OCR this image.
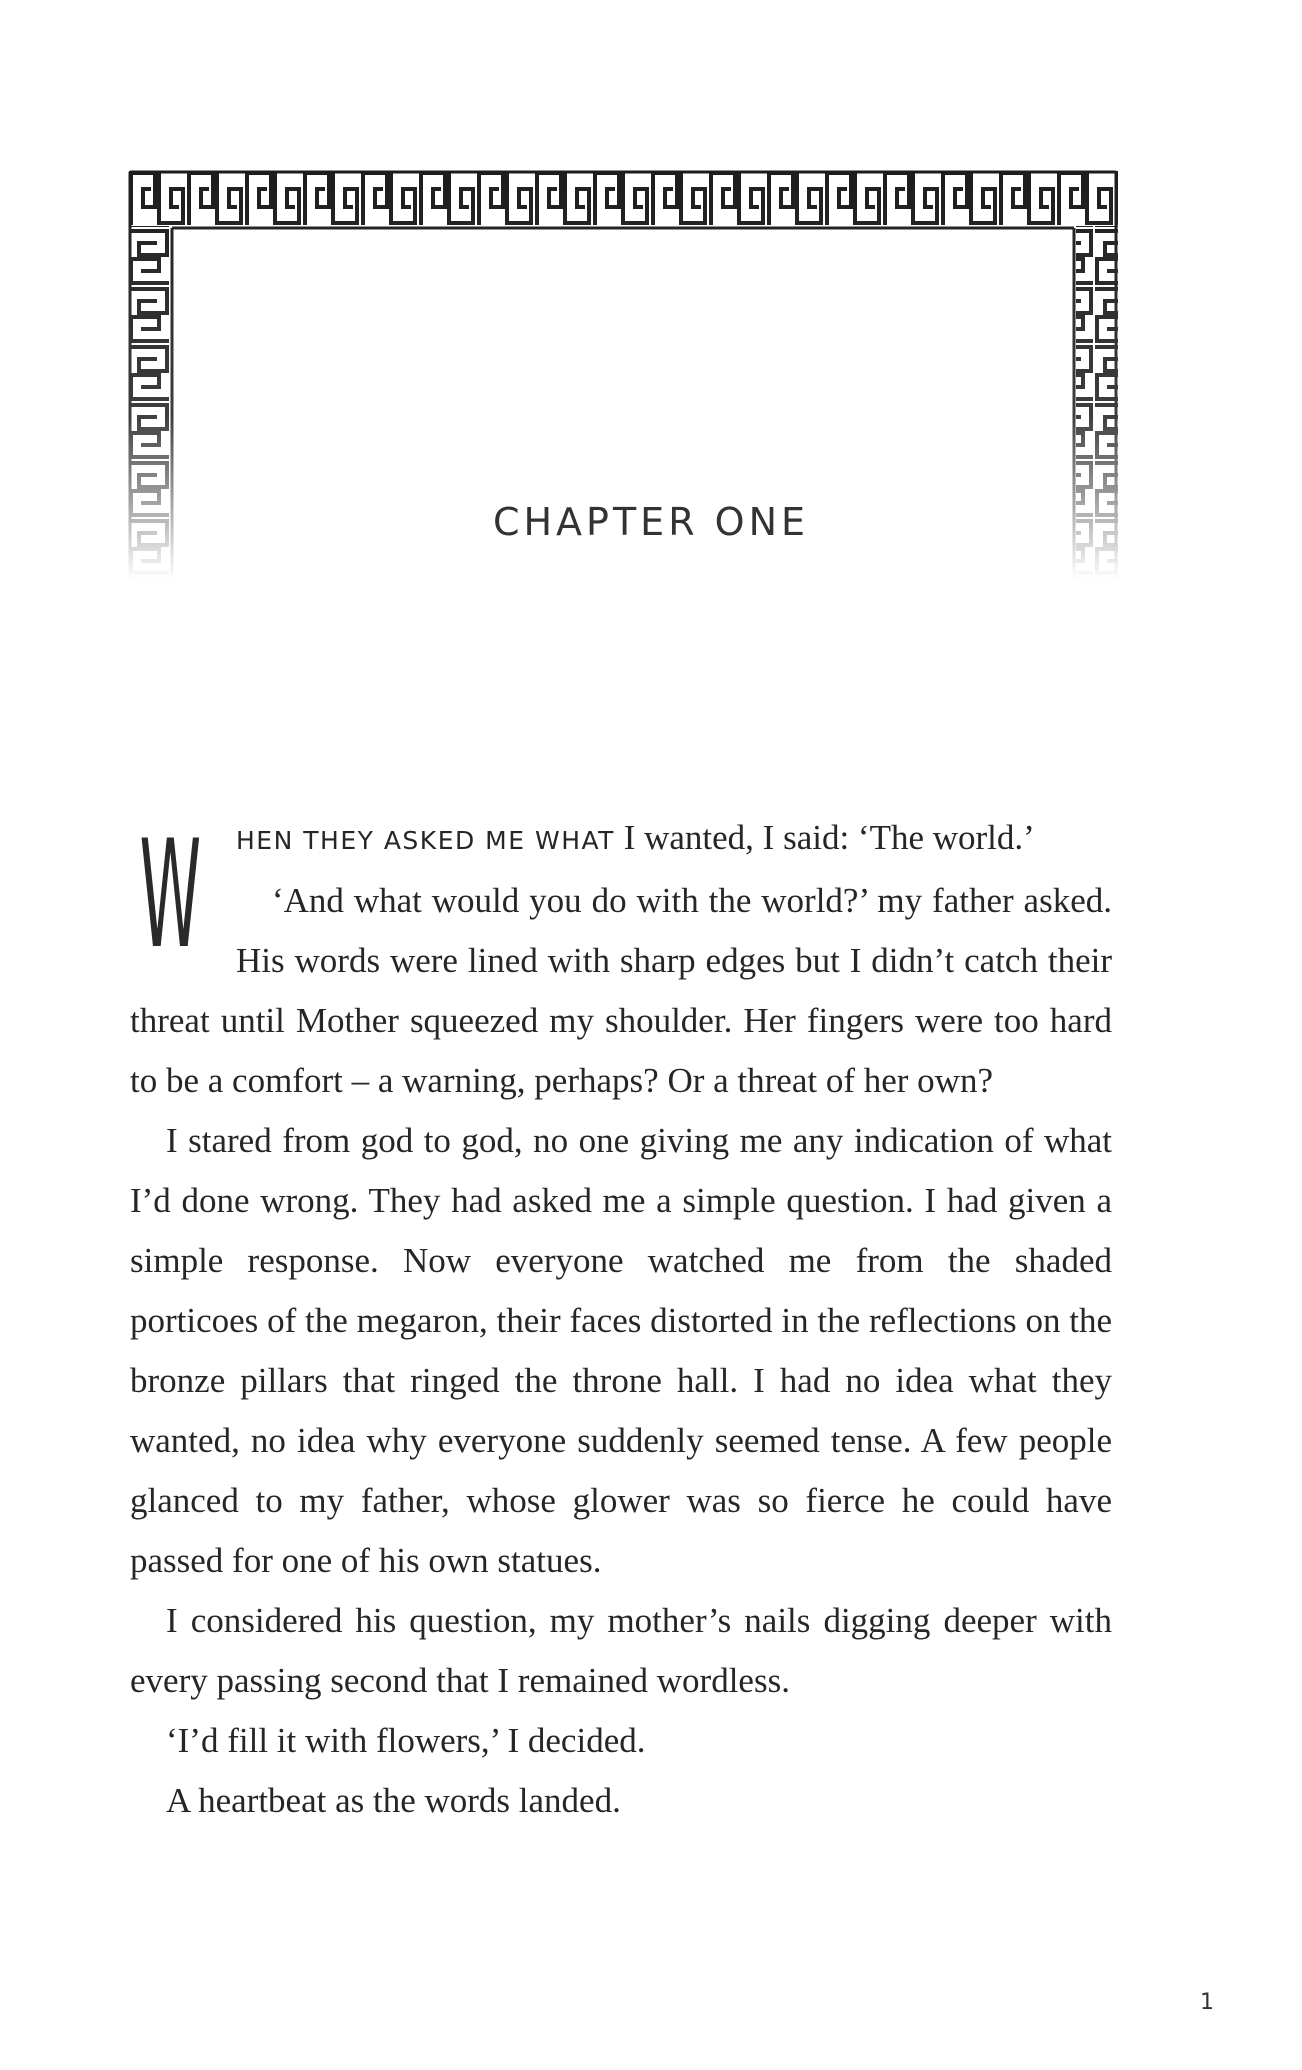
CHAPTER ONE

W HEN THEY ASKED ME WHAT I wanted, I said: ‘The world.’

‘And what would you do with the world?’ my father asked. His words were lined with sharp edges but I didn’t catch their threat until Mother squeezed my shoulder. Her fingers were too hard to be a comfort – a warning, perhaps? Or a threat of her own?

I stared from god to god, no one giving me any indication of what I’d done wrong. They had asked me a simple question. I had given a simple response. Now everyone watched me from the shaded porticoes of the megaron, their faces distorted in the reflections on the bronze pillars that ringed the throne hall. I had no idea what they wanted, no idea why everyone suddenly seemed tense. A few people glanced to my father, whose glower was so fierce he could have passed for one of his own statues.

I considered his question, my mother’s nails digging deeper with every passing second that I remained wordless.

‘I’d fill it with flowers,’ I decided.

A heartbeat as the words landed.

1
